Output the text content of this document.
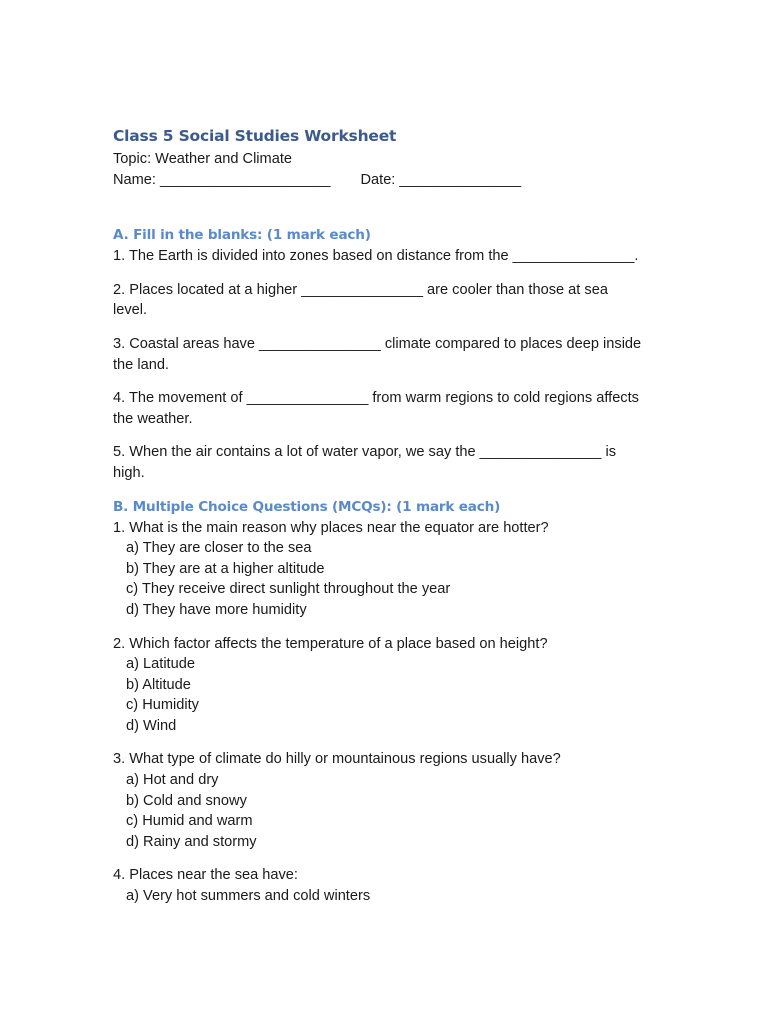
Class 5 Social Studies Worksheet

Topic: Weather and Climate

Name: _____________________ Date: _______________
A. Fill in the blanks: (1 mark each)

1. The Earth is divided into zones based on distance from the _______________.

2. Places located at a higher _______________ are cooler than those at sea level.

3. Coastal areas have _______________ climate compared to places deep inside the land.

4. The movement of _______________ from warm regions to cold regions affects the weather.

5. When the air contains a lot of water vapor, we say the _______________ is high.

B. Multiple Choice Questions (MCQs): (1 mark each)

1. What is the main reason why places near the equator are hotter?

a) They are closer to the sea

b) They are at a higher altitude

c) They receive direct sunlight throughout the year

d) They have more humidity

2. Which factor affects the temperature of a place based on height?

a) Latitude

b) Altitude

c) Humidity

d) Wind

3. What type of climate do hilly or mountainous regions usually have?

a) Hot and dry

b) Cold and snowy

c) Humid and warm

d) Rainy and stormy

4. Places near the sea have:

a) Very hot summers and cold winters
